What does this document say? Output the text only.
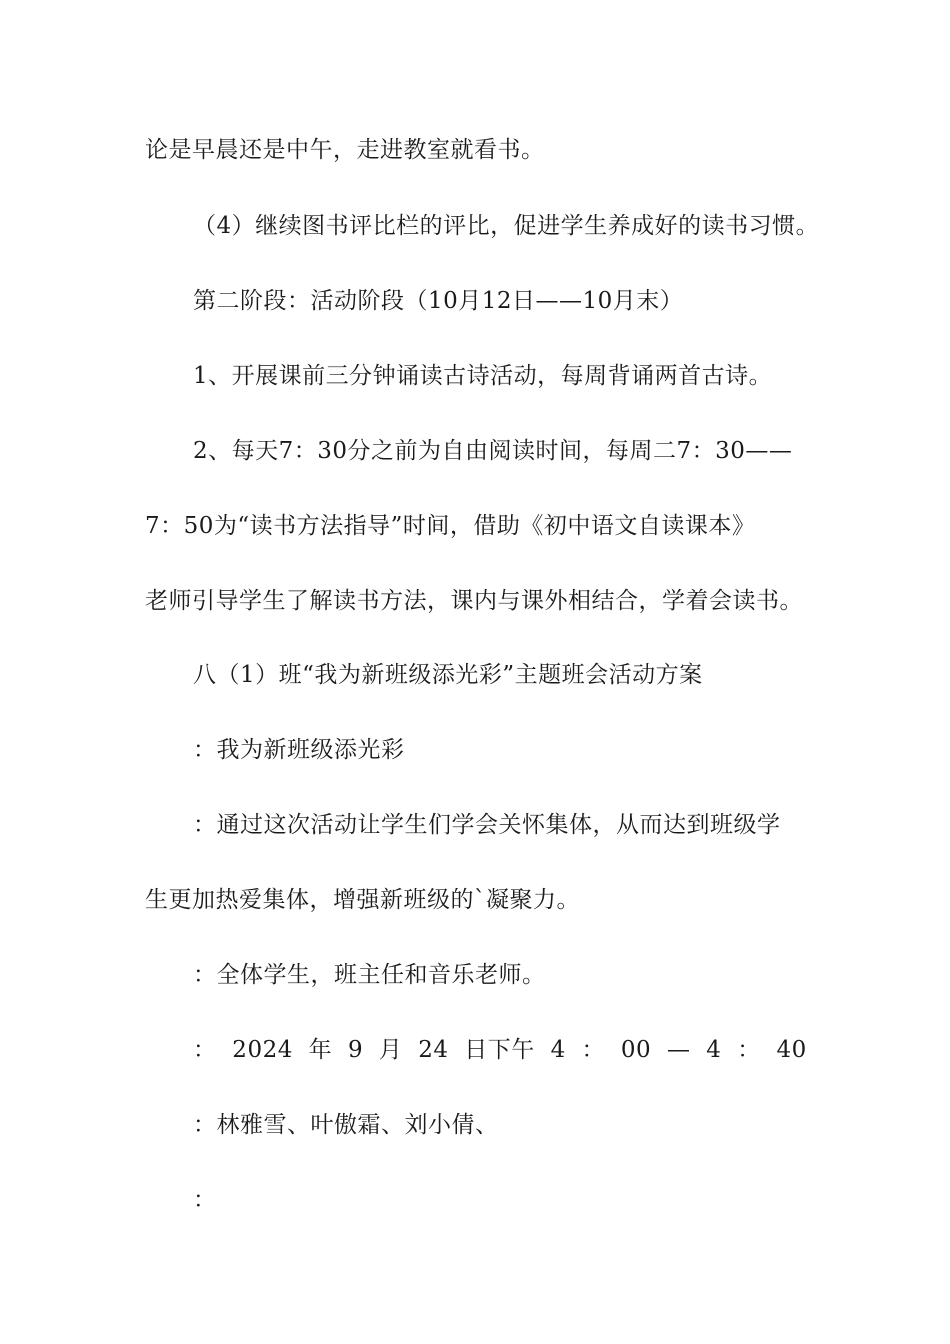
论是早晨还是中午，走进教室就看书。
（4）继续图书评比栏的评比，促进学生养成好的读书习惯。
第二阶段：活动阶段（10月12日——10月末）
1、开展课前三分钟诵读古诗活动，每周背诵两首古诗。
2、每天7：30分之前为自由阅读时间，每周二7：30——
7：50为“读书方法指导”时间，借助《初中语文自读课本》
老师引导学生了解读书方法，课内与课外相结合，学着会读书。
八（1）班“我为新班级添光彩”主题班会活动方案
：我为新班级添光彩
：通过这次活动让学生们学会关怀集体，从而达到班级学
生更加热爱集体，增强新班级的`凝聚力。
：全体学生，班主任和音乐老师。
： 2024 年 9 月 24 日下午 4 ： 00 — 4 ： 40
：林雅雪、叶傲霜、刘小倩、
：
